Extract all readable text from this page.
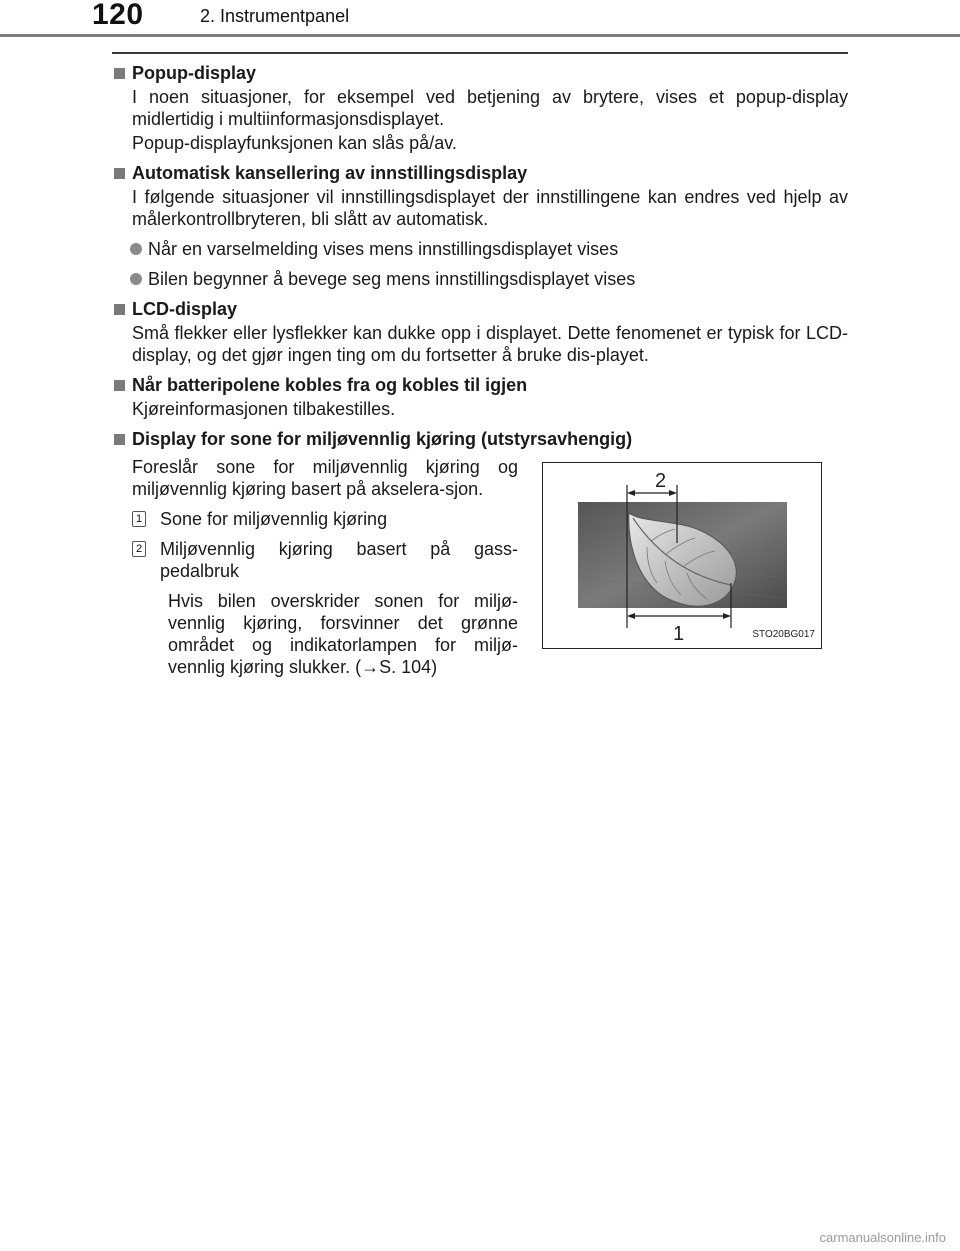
120	2. Instrumentpanel
Popup-display

I noen situasjoner, for eksempel ved betjening av brytere, vises et popup-display midlertidig i multiinformasjonsdisplayet.

Popup-displayfunksjonen kan slås på/av.

Automatisk kansellering av innstillingsdisplay

I følgende situasjoner vil innstillingsdisplayet der innstillingene kan endres ved hjelp av målerkontrollbryteren, bli slått av automatisk.

Når en varselmelding vises mens innstillingsdisplayet vises
Bilen begynner å bevege seg mens innstillingsdisplayet vises
LCD-display

Små flekker eller lysflekker kan dukke opp i displayet. Dette fenomenet er typisk for LCD-display, og det gjør ingen ting om du fortsetter å bruke dis-playet.

Når batteripolene kobles fra og kobles til igjen

Kjøreinformasjonen tilbakestilles.

Display for sone for miljøvennlig kjøring (utstyrsavhengig)

Foreslår sone for miljøvennlig kjøring og miljøvennlig kjøring basert på akselera-sjon.

1 Sone for miljøvennlig kjøring
2 Miljøvennlig kjøring basert på gass-pedalbruk
Hvis bilen overskrider sonen for miljø-vennlig kjøring, forsvinner det grønne området og indikatorlampen for miljø-vennlig kjøring slukker. (→S. 104)
2
1	STO20BG017
carmanualsonline.info
